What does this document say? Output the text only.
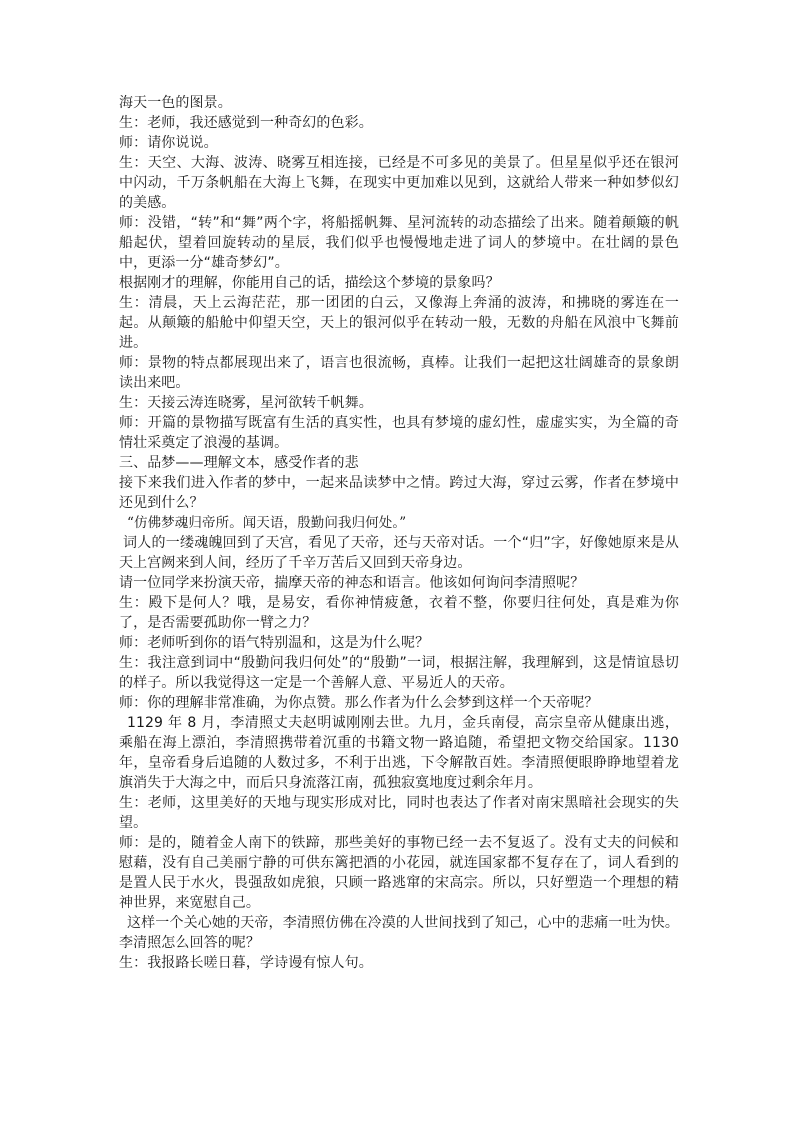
海天一色的图景。

生：老师，我还感觉到一种奇幻的色彩。

师：请你说说。

生：天空、大海、波涛、晓雾互相连接，已经是不可多见的美景了。但星星似乎还在银河中闪动，千万条帆船在大海上飞舞，在现实中更加难以见到，这就给人带来一种如梦似幻的美感。

师：没错，“转”和“舞”两个字，将船摇帆舞、星河流转的动态描绘了出来。随着颠簸的帆船起伏，望着回旋转动的星辰，我们似乎也慢慢地走进了词人的梦境中。在壮阔的景色中，更添一分“雄奇梦幻”。

根据刚才的理解，你能用自己的话，描绘这个梦境的景象吗？

生：清晨，天上云海茫茫，那一团团的白云，又像海上奔涌的波涛，和拂晓的雾连在一起。从颠簸的船舱中仰望天空，天上的银河似乎在转动一般，无数的舟船在风浪中飞舞前进。

师：景物的特点都展现出来了，语言也很流畅，真棒。让我们一起把这壮阔雄奇的景象朗读出来吧。

生：天接云涛连晓雾，星河欲转千帆舞。

师：开篇的景物描写既富有生活的真实性，也具有梦境的虚幻性，虚虚实实，为全篇的奇情壮采奠定了浪漫的基调。

三、品梦——理解文本，感受作者的悲

接下来我们进入作者的梦中，一起来品读梦中之情。跨过大海，穿过云雾，作者在梦境中还见到什么？

“仿佛梦魂归帝所。闻天语，殷勤问我归何处。”

词人的一缕魂魄回到了天宫，看见了天帝，还与天帝对话。一个“归”字，好像她原来是从天上宫阙来到人间，经历了千辛万苦后又回到天帝身边。

请一位同学来扮演天帝，揣摩天帝的神态和语言。他该如何询问李清照呢？

生：殿下是何人？哦，是易安，看你神情疲惫，衣着不整，你要归往何处，真是难为你了，是否需要孤助你一臂之力？

师：老师听到你的语气特别温和，这是为什么呢？

生：我注意到词中“殷勤问我归何处”的“殷勤”一词，根据注解，我理解到，这是情谊恳切的样子。所以我觉得这一定是一个善解人意、平易近人的天帝。

师：你的理解非常准确，为你点赞。那么作者为什么会梦到这样一个天帝呢？

1129 年 8 月，李清照丈夫赵明诚刚刚去世。九月，金兵南侵，高宗皇帝从健康出逃，乘船在海上漂泊，李清照携带着沉重的书籍文物一路追随，希望把文物交给国家。1130 年，皇帝看身后追随的人数过多，不利于出逃，下令解散百姓。李清照便眼睁睁地望着龙旗消失于大海之中，而后只身流落江南，孤独寂寞地度过剩余年月。

生：老师，这里美好的天地与现实形成对比，同时也表达了作者对南宋黑暗社会现实的失望。

师：是的，随着金人南下的铁蹄，那些美好的事物已经一去不复返了。没有丈夫的问候和慰藉，没有自己美丽宁静的可供东篱把酒的小花园，就连国家都不复存在了，词人看到的是置人民于水火，畏强敌如虎狼，只顾一路逃窜的宋高宗。所以，只好塑造一个理想的精神世界，来宽慰自己。

这样一个关心她的天帝，李清照仿佛在冷漠的人世间找到了知己，心中的悲痛一吐为快。李清照怎么回答的呢？

生：我报路长嗟日暮，学诗谩有惊人句。
